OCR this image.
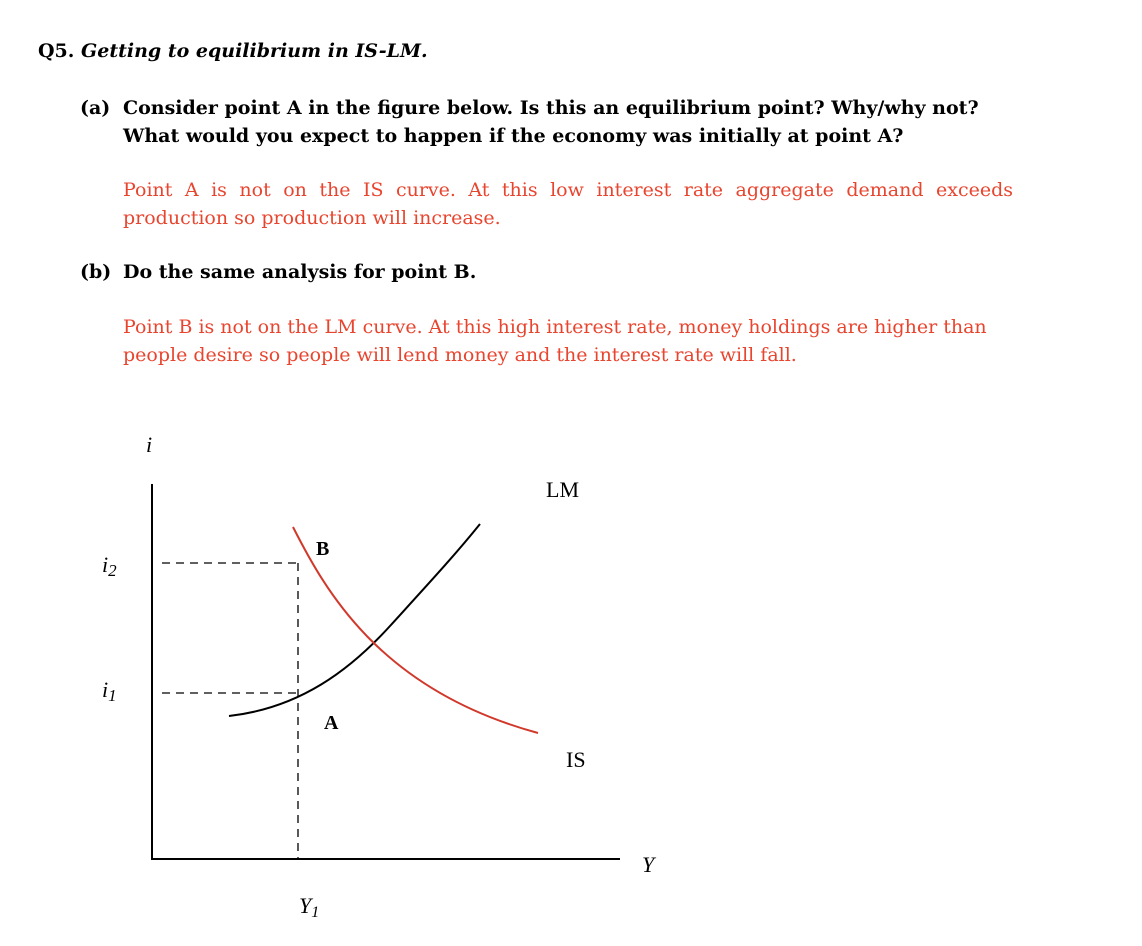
Q5. Getting to equilibrium in IS-LM.
(a) Consider point A in the figure below. Is this an equilibrium point? Why/why not? What would you expect to happen if the economy was initially at point A?
Point A is not on the IS curve. At this low interest rate aggregate demand exceeds production so production will increase.
(b) Do the same analysis for point B.
Point B is not on the LM curve. At this high interest rate, money holdings are higher than people desire so people will lend money and the interest rate will fall.
i
Y
i2
i1
Y1
LM
IS
B
A
